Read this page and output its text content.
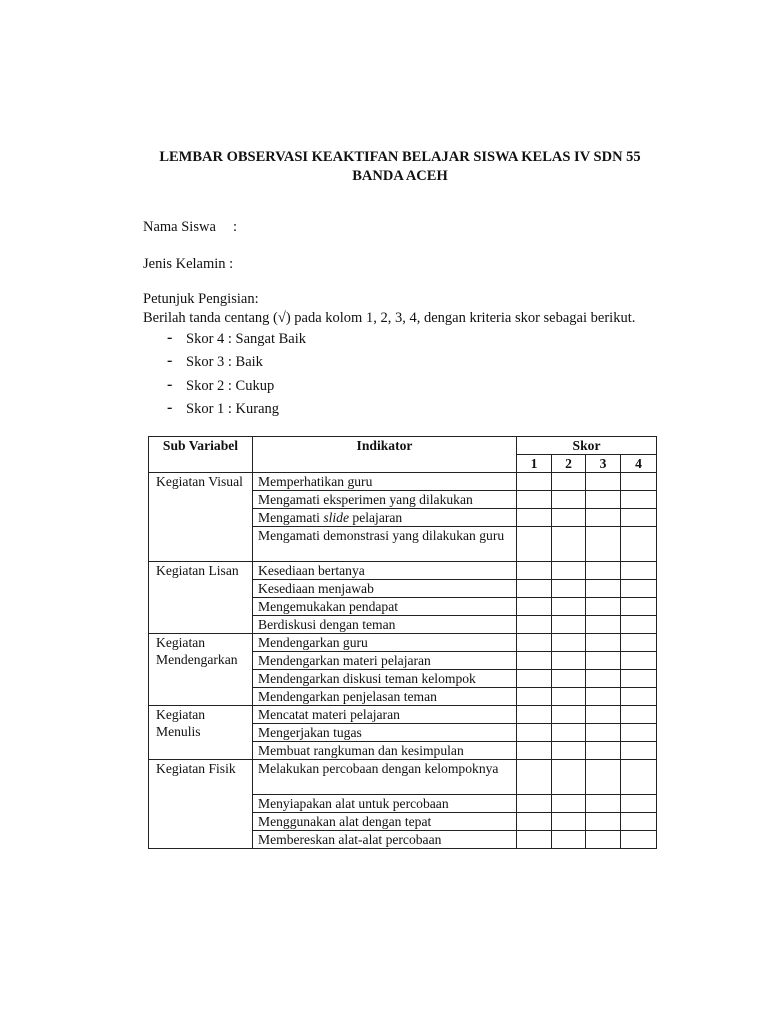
LEMBAR OBSERVASI KEAKTIFAN BELAJAR SISWA KELAS IV SDN 55
BANDA ACEH
Nama Siswa :
Jenis Kelamin :
Petunjuk Pengisian:
Berilah tanda centang (√) pada kolom 1, 2, 3, 4, dengan kriteria skor sebagai berikut.
- Skor 4 : Sangat Baik
- Skor 3 : Baik
- Skor 2 : Cukup
- Skor 1 : Kurang
Sub Variabel	Indikator	Skor			
		1	2	3	4
Kegiatan Visual	Memperhatikan guru				
	Mengamati eksperimen yang dilakukan				
	Mengamati slide pelajaran				
	Mengamati demonstrasi yang dilakukan guru				
Kegiatan Lisan	Kesediaan bertanya				
	Kesediaan menjawab				
	Mengemukakan pendapat				
	Berdiskusi dengan teman				
Kegiatan Mendengarkan	Mendengarkan guru				
	Mendengarkan materi pelajaran				
	Mendengarkan diskusi teman kelompok				
	Mendengarkan penjelasan teman				
Kegiatan Menulis	Mencatat materi pelajaran				
	Mengerjakan tugas				
	Membuat rangkuman dan kesimpulan				
Kegiatan Fisik	Melakukan percobaan dengan kelompoknya				
	Menyiapakan alat untuk percobaan				
	Menggunakan alat dengan tepat				
	Membereskan alat-alat percobaan				
